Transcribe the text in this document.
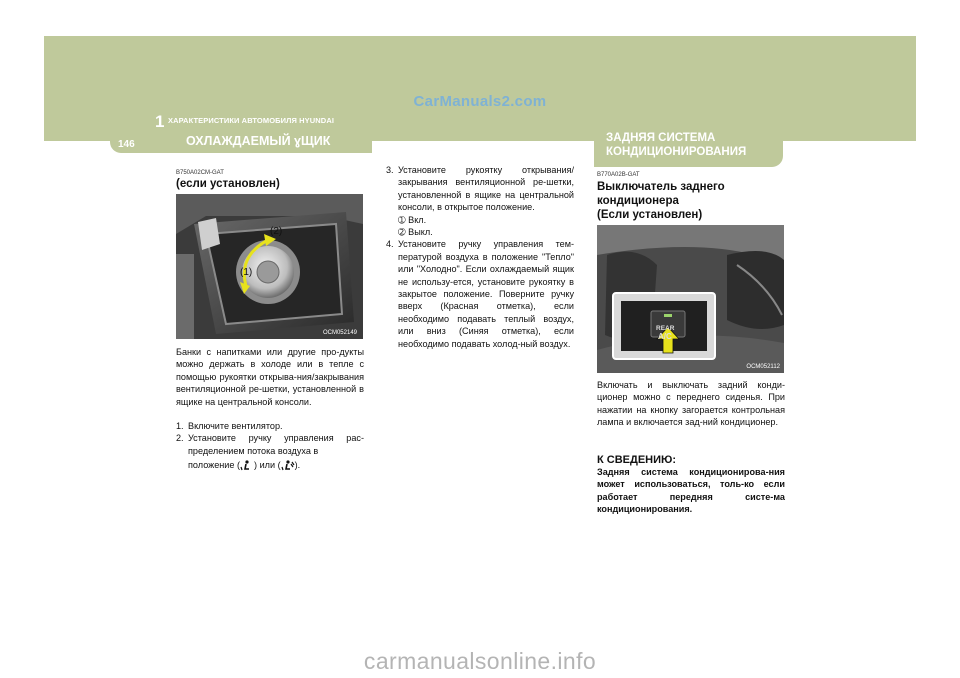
CarManuals2.com
1 ХАРАКТЕРИСТИКИ АВТОМОБИЛЯ HYUNDAI
146	ОХЛАЖДАЕМЫЙ ɣЩИК	ЗАДНЯЯ СИСТЕМА
КОНДИЦИОНИРОВАНИЯ
B750A02CM-GAT
(если установлен)
(2)
(1)
OCM052149

Банки с напитками или другие про-дукты можно держать в холоде или в тепле с помощью рукоятки открыва-ния/закрывания вентиляционной ре-шетки, установленной в ящике на центральной консоли.

1. Включите вентилятор.
2. Установите ручку управления рас-пределением потока воздуха в
положение ( ) или ( ).
3. Установите рукоятку открывания/закрывания вентиляционной ре-шетки, установленной в ящике на центральной консоли, в открытое положение.
➀ Вкл.
➁ Выкл.
4. Установите ручку управления тем-пературой воздуха в положение "Тепло" или "Холодно". Если охлаждаемый ящик не использу-ется, установите рукоятку в закрытое положение. Поверните ручку вверх (Красная отметка), если необходимо подавать теплый воздух, или вниз (Синяя отметка), если необходимо подавать холод-ный воздух.
B770A02B-GAT
Выключатель заднего
кондиционера
(Если установлен)
REAR
A/C
OCM052112
Включать и выключать задний конди-ционер можно с переднего сиденья. При нажатии на кнопку загорается контрольная лампа и включается зад-ний кондиционер.
К СВЕДЕНИЮ:
Задняя система кондиционирова-ния может использоваться, толь-ко если работает передняя систе-ма кондиционирования.
carmanualsonline.info
